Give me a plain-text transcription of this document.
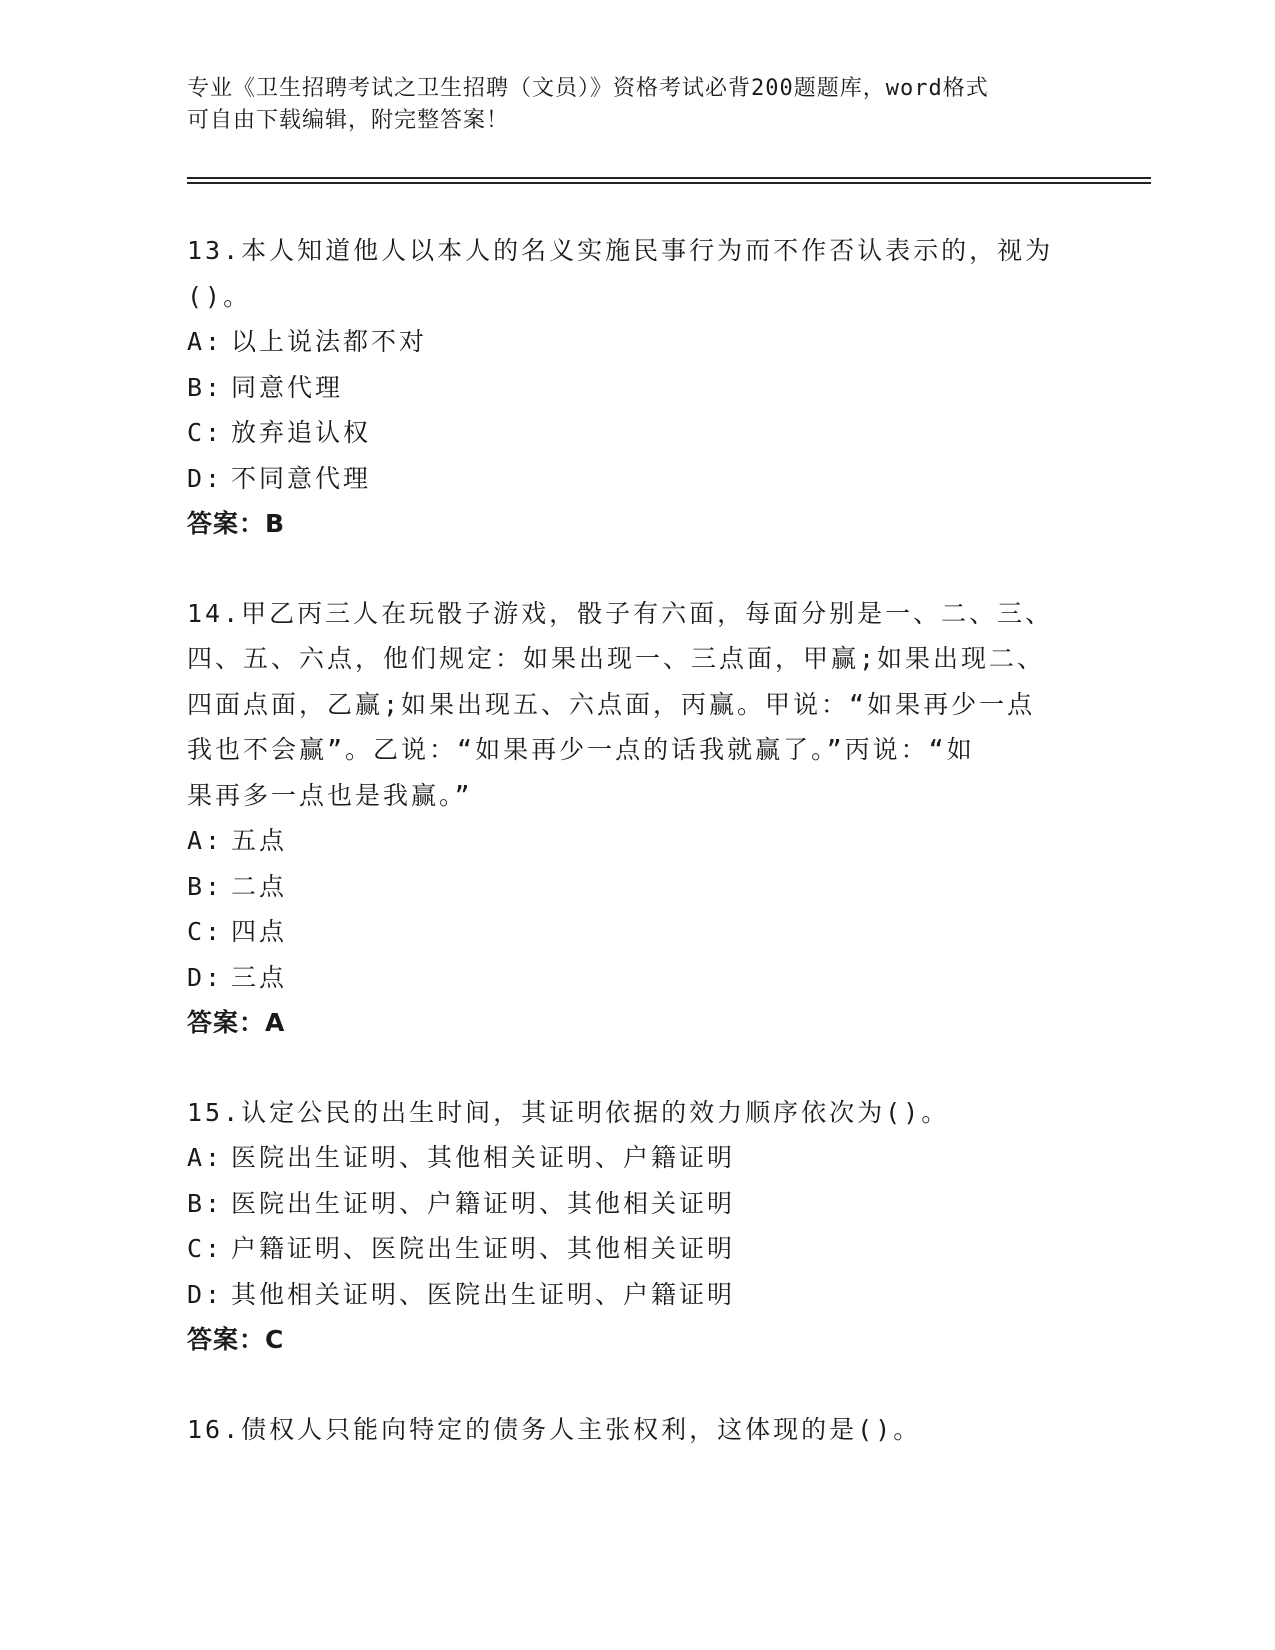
专业《卫生招聘考试之卫生招聘（文员）》资格考试必背200题题库，word格式
可自由下载编辑，附完整答案！
13.本人知道他人以本人的名义实施民事行为而不作否认表示的，视为
()。
A: 以上说法都不对
B: 同意代理
C: 放弃追认权
D: 不同意代理
答案：B
14.甲乙丙三人在玩骰子游戏，骰子有六面，每面分别是一、二、三、
四、五、六点，他们规定：如果出现一、三点面，甲赢;如果出现二、
四面点面，乙赢;如果出现五、六点面，丙赢。甲说：“如果再少一点
我也不会赢”。乙说：“如果再少一点的话我就赢了。”丙说：“如
果再多一点也是我赢。”
A: 五点
B: 二点
C: 四点
D: 三点
答案：A
15.认定公民的出生时间，其证明依据的效力顺序依次为()。
A: 医院出生证明、其他相关证明、户籍证明
B: 医院出生证明、户籍证明、其他相关证明
C: 户籍证明、医院出生证明、其他相关证明
D: 其他相关证明、医院出生证明、户籍证明
答案：C
16.债权人只能向特定的债务人主张权利，这体现的是()。
